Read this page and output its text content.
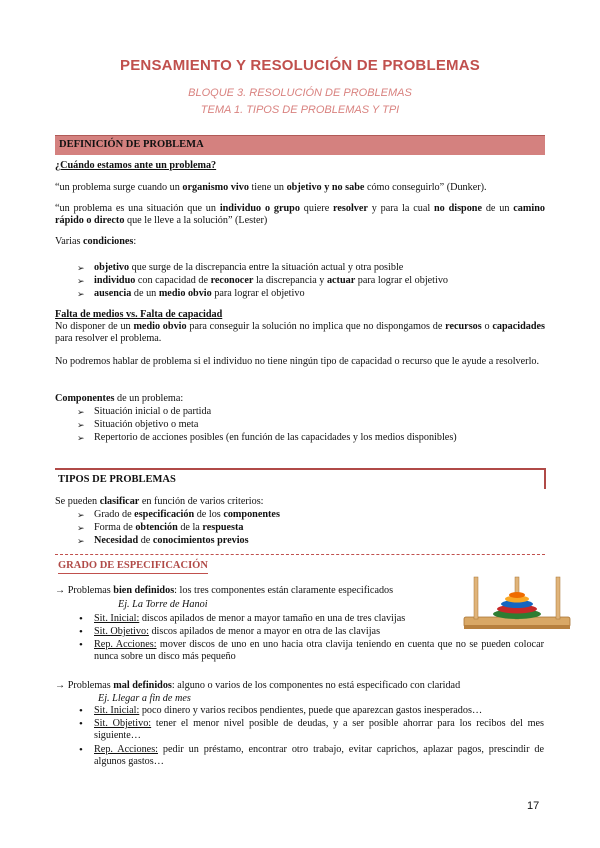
PENSAMIENTO Y RESOLUCIÓN DE PROBLEMAS
BLOQUE 3. RESOLUCIÓN DE PROBLEMAS
TEMA 1. TIPOS DE PROBLEMAS Y TPI
DEFINICIÓN DE PROBLEMA
¿Cuándo estamos ante un problema?
“un problema surge cuando un organismo vivo tiene un objetivo y no sabe cómo conseguirlo” (Dunker).
“un problema es una situación que un individuo o grupo quiere resolver y para la cual no dispone de un camino rápido o directo que le lleve a la solución” (Lester)
Varias condiciones:
➢ objetivo que surge de la discrepancia entre la situación actual y otra posible
➢ individuo con capacidad de reconocer la discrepancia y actuar para lograr el objetivo
➢ ausencia de un medio obvio para lograr el objetivo
Falta de medios vs. Falta de capacidad
No disponer de un medio obvio para conseguir la solución no implica que no dispongamos de recursos o capacidades para resolver el problema.
No podremos hablar de problema si el individuo no tiene ningún tipo de capacidad o recurso que le ayude a resolverlo.
Componentes de un problema:
➢ Situación inicial o de partida
➢ Situación objetivo o meta
➢ Repertorio de acciones posibles (en función de las capacidades y los medios disponibles)
TIPOS DE PROBLEMAS
Se pueden clasificar en función de varios criterios:
➢ Grado de especificación de los componentes
➢ Forma de obtención de la respuesta
➢ Necesidad de conocimientos previos
GRADO DE ESPECIFICACIÓN
→ Problemas bien definidos: los tres componentes están claramente especificados
Ej. La Torre de Hanoi
• Sit. Inicial: discos apilados de menor a mayor tamaño en una de tres clavijas
• Sit. Objetivo: discos apilados de menor a mayor en otra de las clavijas
• Rep. Acciones: mover discos de uno en uno hacia otra clavija teniendo en cuenta que no se pueden colocar nunca sobre un disco más pequeño
→ Problemas mal definidos: alguno o varios de los componentes no está especificado con claridad
Ej. Llegar a fin de mes
• Sit. Inicial: poco dinero y varios recibos pendientes, puede que aparezcan gastos inesperados…
• Sit. Objetivo: tener el menor nivel posible de deudas, y a ser posible ahorrar para los recibos del mes siguiente…
• Rep. Acciones: pedir un préstamo, encontrar otro trabajo, evitar caprichos, aplazar pagos, prescindir de algunos gastos…
17
